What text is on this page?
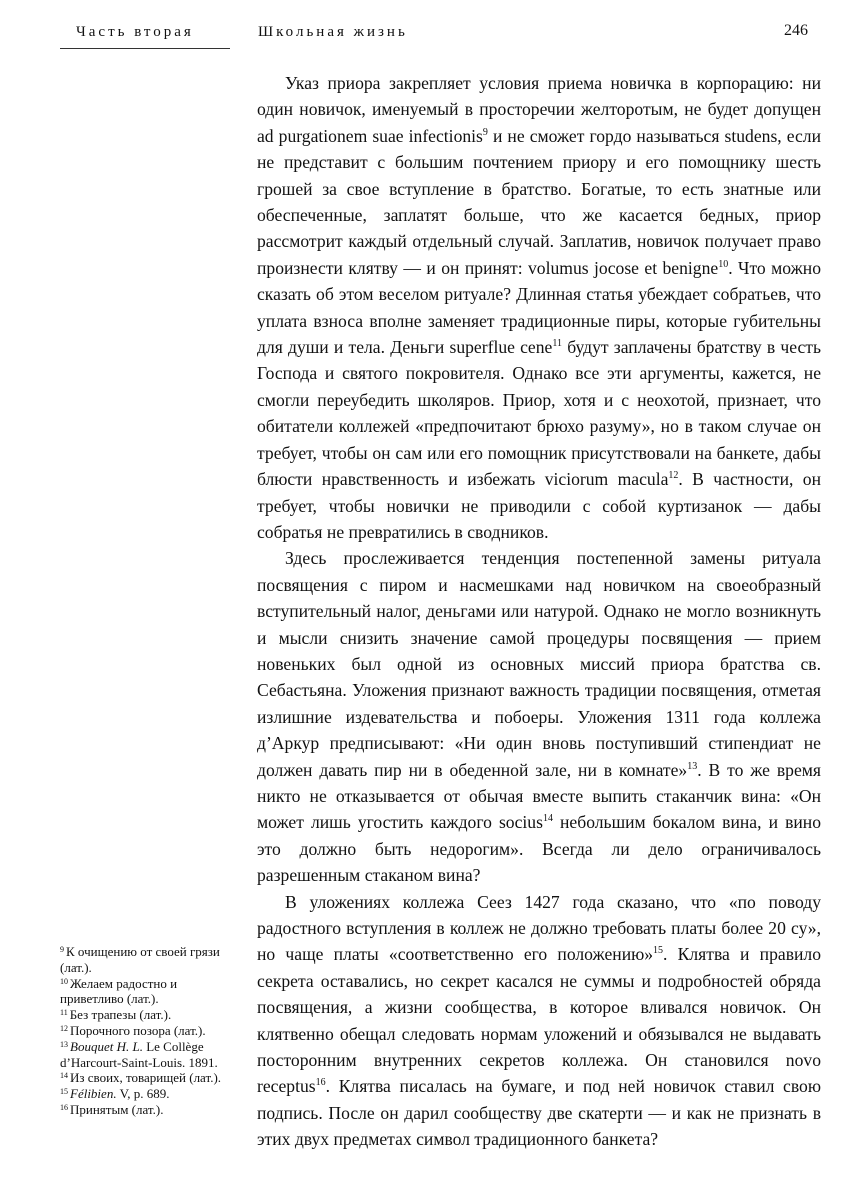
Часть вторая	Школьная жизнь	246

Указ приора закрепляет условия приема новичка в корпорацию: ни один новичок, именуемый в просторечии желторотым, не будет допущен ad purgationem suae infectionis$^9$ и не сможет гордо называться studens, если не представит с большим почтением приору и его помощнику шесть грошей за свое вступление в братство. Богатые, то есть знатные или обеспеченные, заплатят больше, что же касается бедных, приор рассмотрит каждый отдельный случай. Заплатив, новичок получает право произнести клятву — и он принят: volumus jocose et benigne$^{10}$. Что можно сказать об этом веселом ритуале? Длинная статья убеждает собратьев, что уплата взноса вполне заменяет традиционные пиры, которые губительны для души и тела. Деньги superflue cene$^{11}$ будут заплачены братству в честь Господа и святого покровителя. Однако все эти аргументы, кажется, не смогли переубедить школяров. Приор, хотя и с неохотой, признает, что обитатели коллежей «предпочитают брюхо разуму», но в таком случае он требует, чтобы он сам или его помощник присутствовали на банкете, дабы блюсти нравственность и избежать viciorum macula$^{12}$. В частности, он требует, чтобы новички не приводили с собой куртизанок — дабы собратья не превратились в сводников.

Здесь прослеживается тенденция постепенной замены ритуала посвящения с пиром и насмешками над новичком на своеобразный вступительный налог, деньгами или натурой. Однако не могло возникнуть и мысли снизить значение самой процедуры посвящения — прием новеньких был одной из основных миссий приора братства св. Себастьяна. Уложения признают важность традиции посвящения, отметая излишние издевательства и побоеры. Уложения 1311 года коллежа д’Аркур предписывают: «Ни один вновь поступивший стипендиат не должен давать пир ни в обеденной зале, ни в комнате»$^{13}$. В то же время никто не отказывается от обычая вместе выпить стаканчик вина: «Он может лишь угостить каждого socius$^{14}$ небольшим бокалом вина, и вино это должно быть недорогим». Всегда ли дело ограничивалось разрешенным стаканом вина?

В уложениях коллежа Сеез 1427 года сказано, что «по поводу радостного вступления в коллеж не должно требовать платы более 20 су», но чаще платы «соответственно его положению»$^{15}$. Клятва и правило секрета оставались, но секрет касался не суммы и подробностей обряда посвящения, а жизни сообщества, в которое вливался новичок. Он клятвенно обещал следовать нормам уложений и обязывался не выдавать посторонним внутренних секретов коллежа. Он становился novo receptus$^{16}$. Клятва писалась на бумаге, и под ней новичок ставил свою подпись. После он дарил сообществу две скатерти — и как не признать в этих двух предметах символ традиционного банкета?

$^9$ К очищению от своей грязи (лат.).
$^{10}$ Желаем радостно и приветливо (лат.).
$^{11}$ Без трапезы (лат.).
$^{12}$ Порочного позора (лат.).
$^{13}$ Bouquet H. L. Le Collège d’Harcourt-Saint-Louis. 1891.
$^{14}$ Из своих, товарищей (лат.).
$^{15}$ Félibien. V, p. 689.
$^{16}$ Принятым (лат.).
